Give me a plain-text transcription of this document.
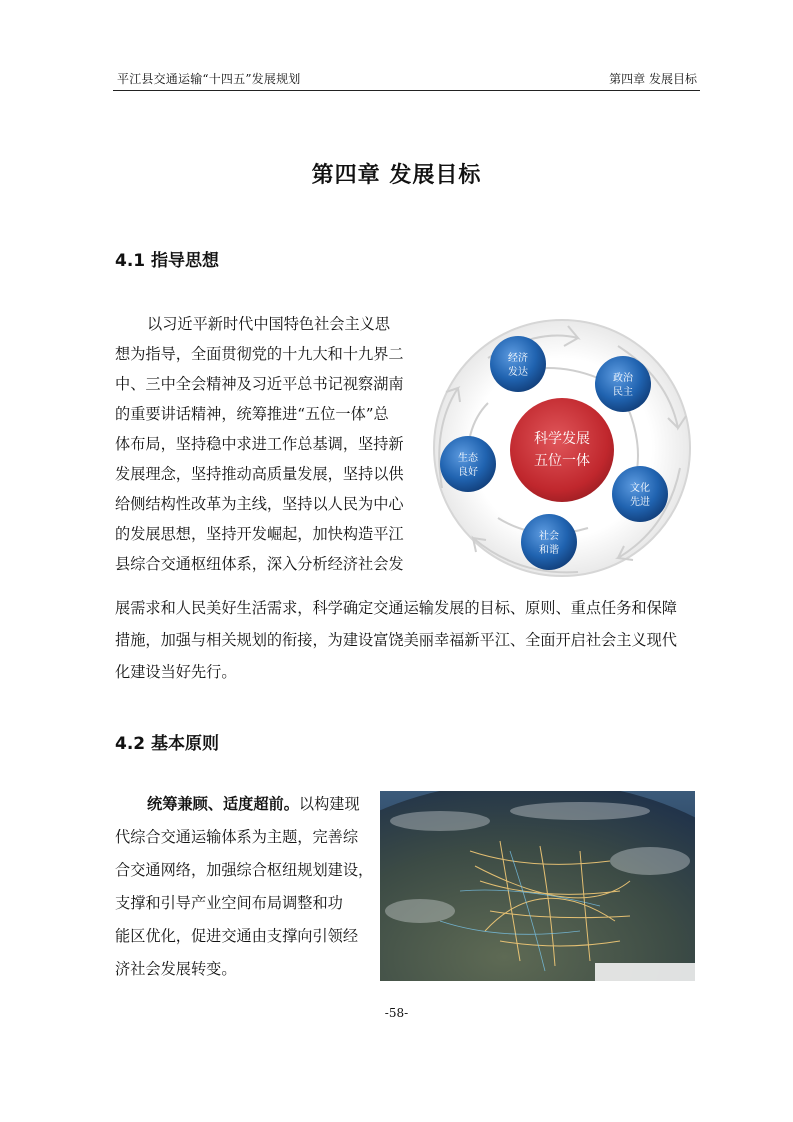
平江县交通运输“十四五”发展规划	第四章 发展目标
第四章 发展目标
4.1 指导思想
以习近平新时代中国特色社会主义思
想为指导，全面贯彻党的十九大和十九界二
中、三中全会精神及习近平总书记视察湖南
的重要讲话精神，统筹推进“五位一体”总
体布局，坚持稳中求进工作总基调，坚持新
发展理念，坚持推动高质量发展，坚持以供
给侧结构性改革为主线，坚持以人民为中心
的发展思想，坚持开发崛起，加快构造平江
县综合交通枢纽体系，深入分析经济社会发
展需求和人民美好生活需求，科学确定交通运输发展的目标、原则、重点任务和保障
措施，加强与相关规划的衔接，为建设富饶美丽幸福新平江、全面开启社会主义现代
化建设当好先行。
科学发展
五位一体
经济
发达
政治
民主
文化
先进
社会
和谐
生态
良好
4.2 基本原则
统筹兼顾、适度超前。以构建现
代综合交通运输体系为主题，完善综
合交通网络，加强综合枢纽规划建设，
支撑和引导产业空间布局调整和功
能区优化，促进交通由支撑向引领经
济社会发展转变。
-58-
